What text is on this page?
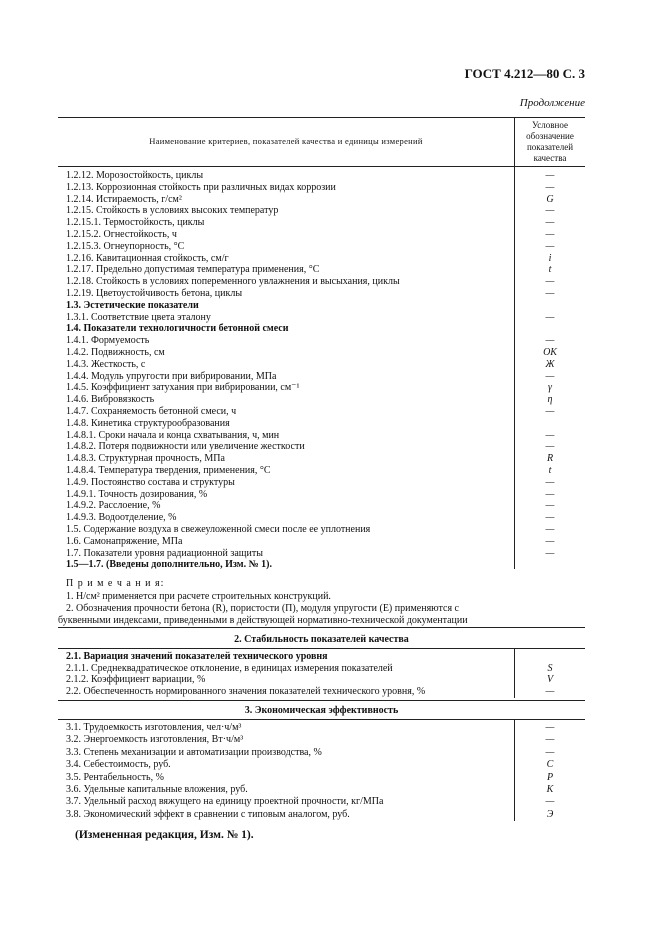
ГОСТ 4.212—80 С. 3
Продолжение
Наименование критериев, показателей качества и единицы измерений
Условное
обозначение
показателей
качества
1.2.12. Морозостойкость, циклы	—
1.2.13. Коррозионная стойкость при различных видах коррозии	—
1.2.14. Истираемость, г/см²	G
1.2.15. Стойкость в условиях высоких температур	—
1.2.15.1. Термостойкость, циклы	—
1.2.15.2. Огнестойкость, ч	—
1.2.15.3. Огнеупорность, °С	—
1.2.16. Кавитационная стойкость, см/г	i
1.2.17. Предельно допустимая температура применения, °С	t
1.2.18. Стойкость в условиях попеременного увлажнения и высыхания, циклы	—
1.2.19. Цветоустойчивость бетона, циклы	—
1.3. Эстетические показатели
1.3.1. Соответствие цвета эталону	—
1.4. Показатели технологичности бетонной смеси
1.4.1. Формуемость	—
1.4.2. Подвижность, см	ОК
1.4.3. Жесткость, с	Ж
1.4.4. Модуль упругости при вибрировании, МПа	—
1.4.5. Коэффициент затухания при вибрировании, см⁻¹	γ
1.4.6. Вибровязкость	η
1.4.7. Сохраняемость бетонной смеси, ч	—
1.4.8. Кинетика структурообразования
1.4.8.1. Сроки начала и конца схватывания, ч, мин	—
1.4.8.2. Потеря подвижности или увеличение жесткости	—
1.4.8.3. Структурная прочность, МПа	R
1.4.8.4. Температура твердения, применения, °С	t
1.4.9. Постоянство состава и структуры	—
1.4.9.1. Точность дозирования, %	—
1.4.9.2. Расслоение, %	—
1.4.9.3. Водоотделение, %	—
1.5. Содержание воздуха в свежеуложенной смеси после ее уплотнения	—
1.6. Самонапряжение, МПа	—
1.7. Показатели уровня радиационной защиты	—
1.5—1.7. (Введены дополнительно, Изм. № 1).
П р и м е ч а н и я:
1. Н/см² применяется при расчете строительных конструкций.
2. Обозначения прочности бетона (R), пористости (П), модуля упругости (E) применяются с
буквенными индексами, приведенными в действующей нормативно-технической документации
2. Стабильность показателей качества
2.1. Вариация значений показателей технического уровня
2.1.1. Среднеквадратическое отклонение, в единицах измерения показателей	S
2.1.2. Коэффициент вариации, %	V
2.2. Обеспеченность нормированного значения показателей технического уровня, %	—
3. Экономическая эффективность
3.1. Трудоемкость изготовления, чел·ч/м³	—
3.2. Энергоемкость изготовления, Вт·ч/м³	—
3.3. Степень механизации и автоматизации производства, %	—
3.4. Себестоимость, руб.	С
3.5. Рентабельность, %	Р
3.6. Удельные капитальные вложения, руб.	К
3.7. Удельный расход вяжущего на единицу проектной прочности, кг/МПа	—
3.8. Экономический эффект в сравнении с типовым аналогом, руб.	Э
(Измененная редакция, Изм. № 1).
